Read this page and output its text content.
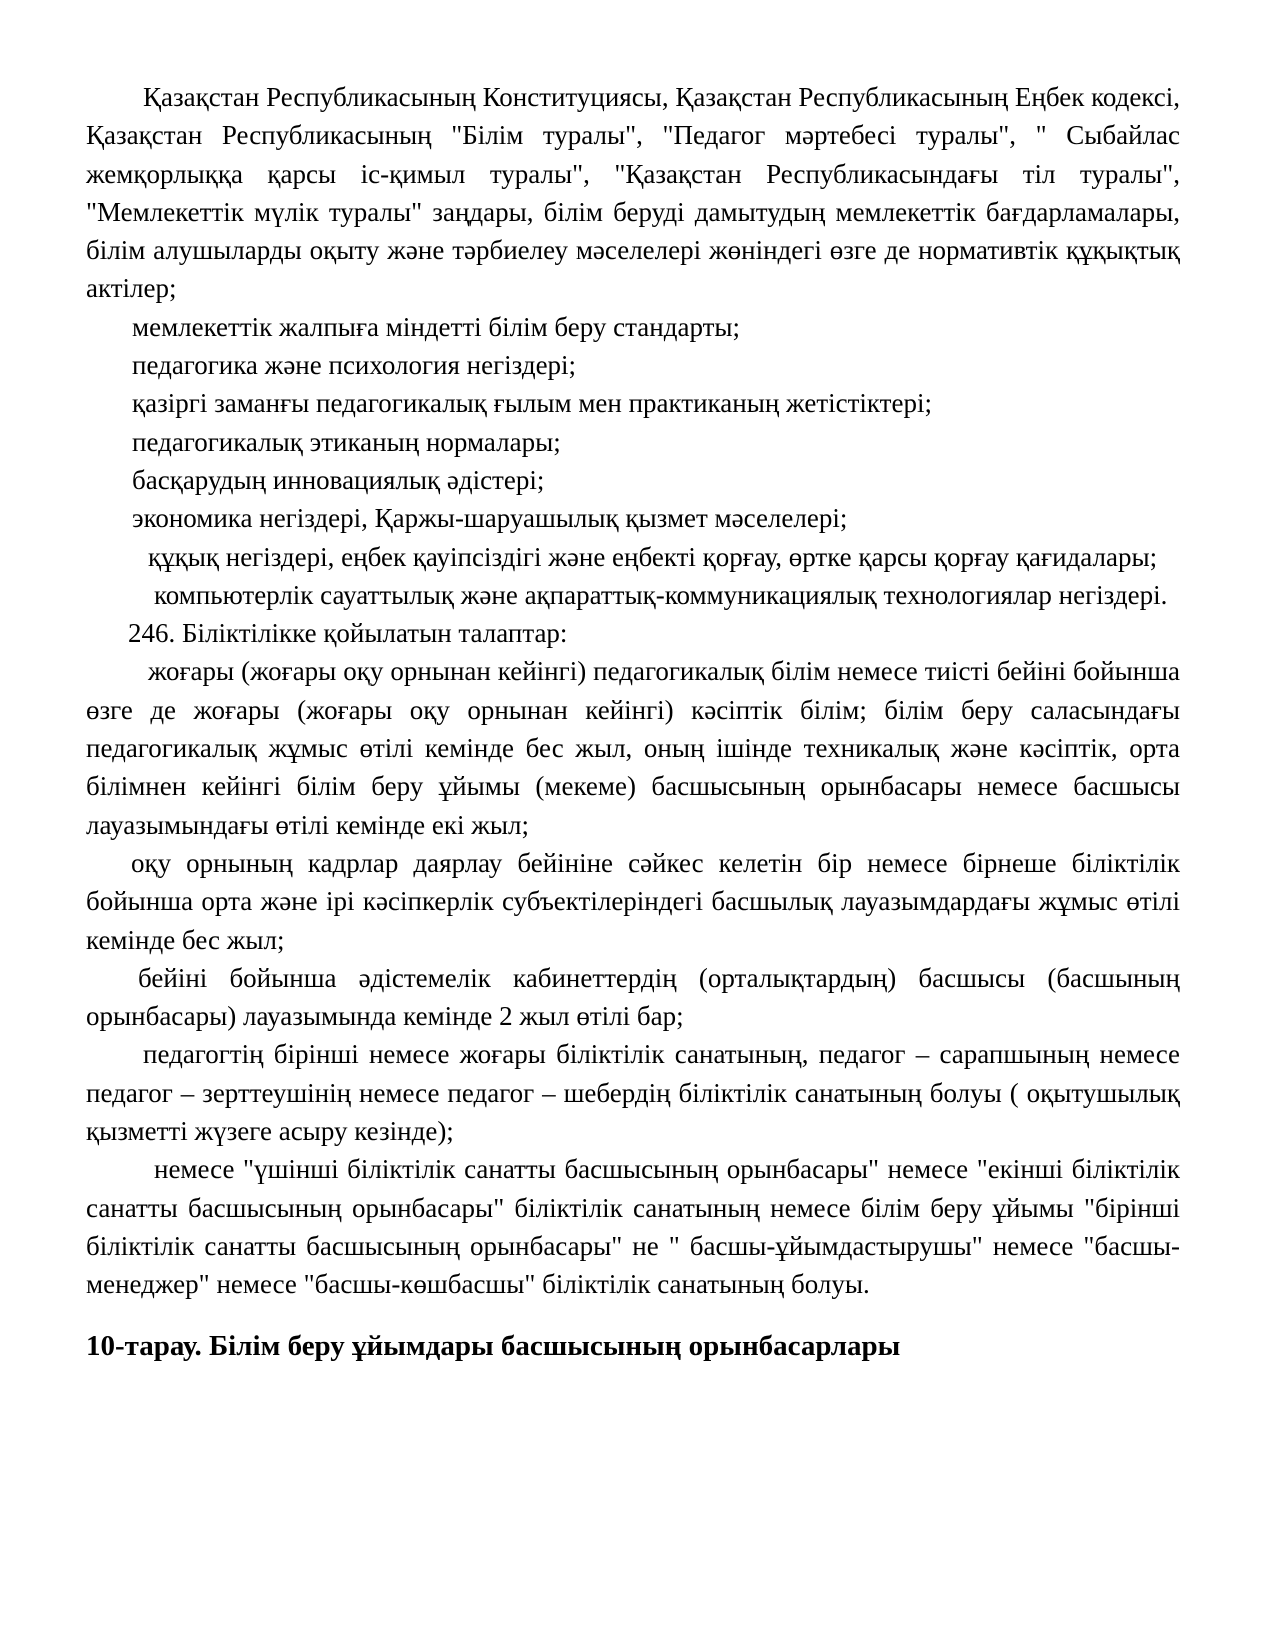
Қазақстан Республикасының Конституциясы, Қазақстан Республикасының Еңбек кодексі, Қазақстан Республикасының "Білім туралы", "Педагог мәртебесі туралы", " Сыбайлас жемқорлыққа қарсы іс-қимыл туралы", "Қазақстан Республикасындағы тіл туралы", "Мемлекеттік мүлік туралы" заңдары, білім беруді дамытудың мемлекеттік бағдарламалары, білім алушыларды оқыту және тәрбиелеу мәселелері жөніндегі өзге де нормативтік құқықтық актілер;

мемлекеттік жалпыға міндетті білім беру стандарты;

педагогика және психология негіздері;

қазіргі заманғы педагогикалық ғылым мен практиканың жетістіктері;

педагогикалық этиканың нормалары;

басқарудың инновациялық әдістері;

экономика негіздері, Қаржы-шаруашылық қызмет мәселелері;

құқық негіздері, еңбек қауіпсіздігі және еңбекті қорғау, өртке қарсы қорғау қағидалары;

компьютерлік сауаттылық және ақпараттық-коммуникациялық технологиялар негіздері.

246. Біліктілікке қойылатын талаптар:

жоғары (жоғары оқу орнынан кейінгі) педагогикалық білім немесе тиісті бейіні бойынша өзге де жоғары (жоғары оқу орнынан кейінгі) кәсіптік білім; білім беру саласындағы педагогикалық жұмыс өтілі кемінде бес жыл, оның ішінде техникалық және кәсіптік, орта білімнен кейінгі білім беру ұйымы (мекеме) басшысының орынбасары немесе басшысы лауазымындағы өтілі кемінде екі жыл;

оқу орнының кадрлар даярлау бейініне сәйкес келетін бір немесе бірнеше біліктілік бойынша орта және ірі кәсіпкерлік субъектілеріндегі басшылық лауазымдардағы жұмыс өтілі кемінде бес жыл;

бейіні бойынша әдістемелік кабинеттердің (орталықтардың) басшысы (басшының орынбасары) лауазымында кемінде 2 жыл өтілі бар;

педагогтің бірінші немесе жоғары біліктілік санатының, педагог – сарапшының немесе педагог – зерттеушінің немесе педагог – шебердің біліктілік санатының болуы ( оқытушылық қызметті жүзеге асыру кезінде);

немесе "үшінші біліктілік санатты басшысының орынбасары" немесе "екінші біліктілік санатты басшысының орынбасары" біліктілік санатының немесе білім беру ұйымы "бірінші біліктілік санатты басшысының орынбасары" не " басшы-ұйымдастырушы" немесе "басшы-менеджер" немесе "басшы-көшбасшы" біліктілік санатының болуы.

10-тарау. Білім беру ұйымдары басшысының орынбасарлары
